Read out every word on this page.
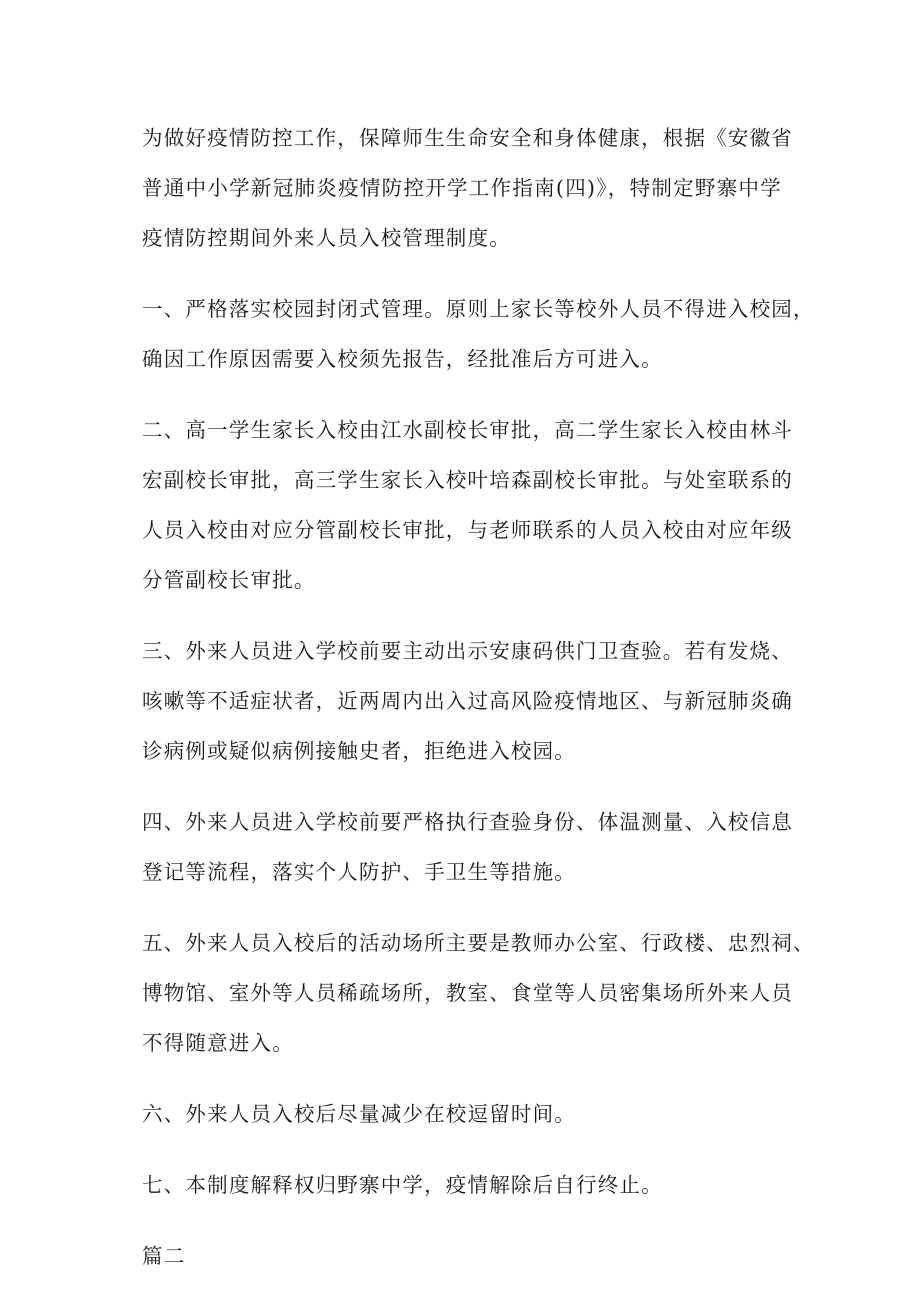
为做好疫情防控工作，保障师生生命安全和身体健康，根据《安徽省
普通中小学新冠肺炎疫情防控开学工作指南(四)》，特制定野寨中学
疫情防控期间外来人员入校管理制度。

一、严格落实校园封闭式管理。原则上家长等校外人员不得进入校园，
确因工作原因需要入校须先报告，经批准后方可进入。

二、高一学生家长入校由江水副校长审批，高二学生家长入校由林斗
宏副校长审批，高三学生家长入校叶培森副校长审批。与处室联系的
人员入校由对应分管副校长审批，与老师联系的人员入校由对应年级
分管副校长审批。

三、外来人员进入学校前要主动出示安康码供门卫查验。若有发烧、
咳嗽等不适症状者，近两周内出入过高风险疫情地区、与新冠肺炎确
诊病例或疑似病例接触史者，拒绝进入校园。

四、外来人员进入学校前要严格执行查验身份、体温测量、入校信息
登记等流程，落实个人防护、手卫生等措施。

五、外来人员入校后的活动场所主要是教师办公室、行政楼、忠烈祠、
博物馆、室外等人员稀疏场所，教室、食堂等人员密集场所外来人员
不得随意进入。

六、外来人员入校后尽量减少在校逗留时间。

七、本制度解释权归野寨中学，疫情解除后自行终止。

篇二
